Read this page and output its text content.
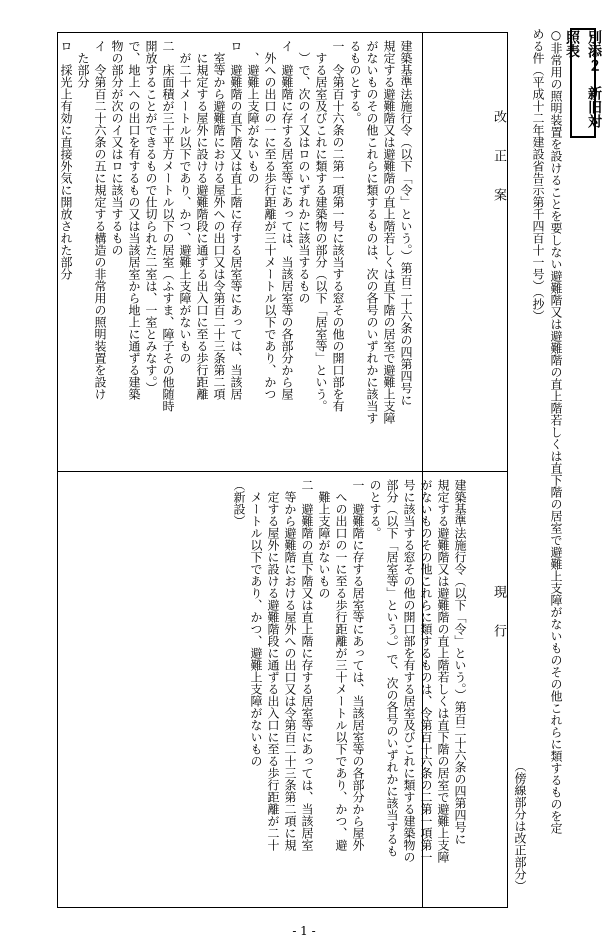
別添２　新旧対照表
○非常用の照明装置を設けることを要しない避難階又は避難階の直上階若しくは直下階の居室で避難上支障がないものその他これらに類するものを定
める件（平成十二年建設省告示第千四百十一号）（抄）
（傍線部分は改正部分）
改正案
現行
建築基準法施行令（以下「令」という。）第百二十六条の四第四号に
規定する避難階又は避難階の直上階若しくは直下階の居室で避難上支障
がないものその他これらに類するものは、次の各号のいずれかに該当す
るものとする。
一　令第百十六条の二第一項第一号に該当する窓その他の開口部を有
する居室及びこれに類する建築物の部分（以下「居室等」という。
）で、次のイ又はロのいずれかに該当するもの
イ　避難階に存する居室等にあっては、当該居室等の各部分から屋
外への出口の一に至る歩行距離が三十メートル以下であり、かつ
、避難上支障がないもの
ロ　避難階の直下階又は直上階に存する居室等にあっては、当該居
室等から避難階における屋外への出口又は令第百二十三条第二項
に規定する屋外に設ける避難階段に通ずる出入口に至る歩行距離
が二十メートル以下であり、かつ、避難上支障がないもの
二　床面積が三十平方メートル以下の居室（ふすま、障子その他随時
開放することができるもので仕切られた二室は、一室とみなす。）
で、地上への出口を有するもの又は当該居室から地上に通ずる建築
物の部分が次のイ又はロに該当するもの
イ　令第百二十六条の五に規定する構造の非常用の照明装置を設け
た部分
ロ　採光上有効に直接外気に開放された部分
建築基準法施行令（以下「令」という。）第百二十六条の四第四号に
規定する避難階又は避難階の直上階若しくは直下階の居室で避難上支障
がないものその他これらに類するものは、令第百十六条の二第一項第一
号に該当する窓その他の開口部を有する居室及びこれに類する建築物の
部分（以下「居室等」という。）で、次の各号のいずれかに該当するも
のとする。
一　避難階に存する居室等にあっては、当該居室等の各部分から屋外
への出口の一に至る歩行距離が三十メートル以下であり、かつ、避
難上支障がないもの
二　避難階の直下階又は直上階に存する居室等にあっては、当該居室
等から避難階における屋外への出口又は令第百二十三条第二項に規
定する屋外に設ける避難階段に通ずる出入口に至る歩行距離が二十
メートル以下であり、かつ、避難上支障がないもの
（新設）
- 1 -
